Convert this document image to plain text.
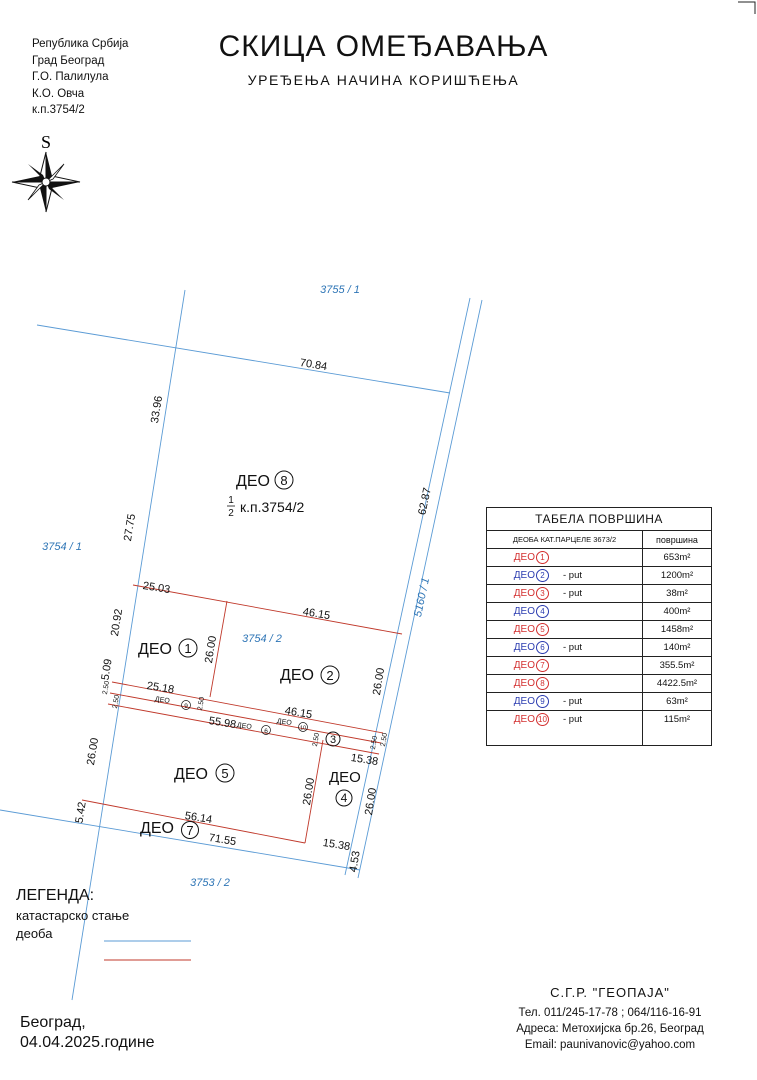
Република Србија
Град Београд
Г.О. Палилула
К.О. Овча
к.п.3754/2
СКИЦА ОМЕЂАВАЊА
УРЕЂЕЊА НАЧИНА КОРИШЋЕЊА
S
3755 / 1
3754 / 1
5160 / 1
3753 / 2
3754 / 2
70.84
33.96
27.75
62.87
25.03
46.15
20.92
26.00
5.09
2.50	25.18
2.50	2.50
46.15
55.98
2.50	2.50 2.50
26.00
15.38
26.00
26.00	26.00
5.42	56.14
71.55	15.38
4.53
ДЕО 8
1
2 к.п.3754/2
ДЕО 1
ДЕО 2
3
ДЕО
4
ДЕО 5
ДЕО
6
ДЕО
9
ДЕО
10
ДЕО 7
ТАБЕЛА ПОВРШИНА
ДЕОБА КАТ.ПАРЦЕЛЕ 3673/2	површина
ДЕО 1	653m²
ДЕО 2	- put	1200m²
ДЕО 3	- put	38m²
ДЕО 4	400m²
ДЕО 5	1458m²
ДЕО 6	- put	140m²
ДЕО 7	355.5m²
ДЕО 8	4422.5m²
ДЕО 9	- put	63m²
ДЕО 10 - put	115m²
ЛЕГЕНДА:
катастарско стање
деоба
Београд,
04.04.2025.године
С.Г.Р. "ГЕОПАЈА"
Тел. 011/245-17-78 ; 064/116-16-91
Адреса: Метохијска бр.26, Београд
Email: paunivanovic@yahoo.com
